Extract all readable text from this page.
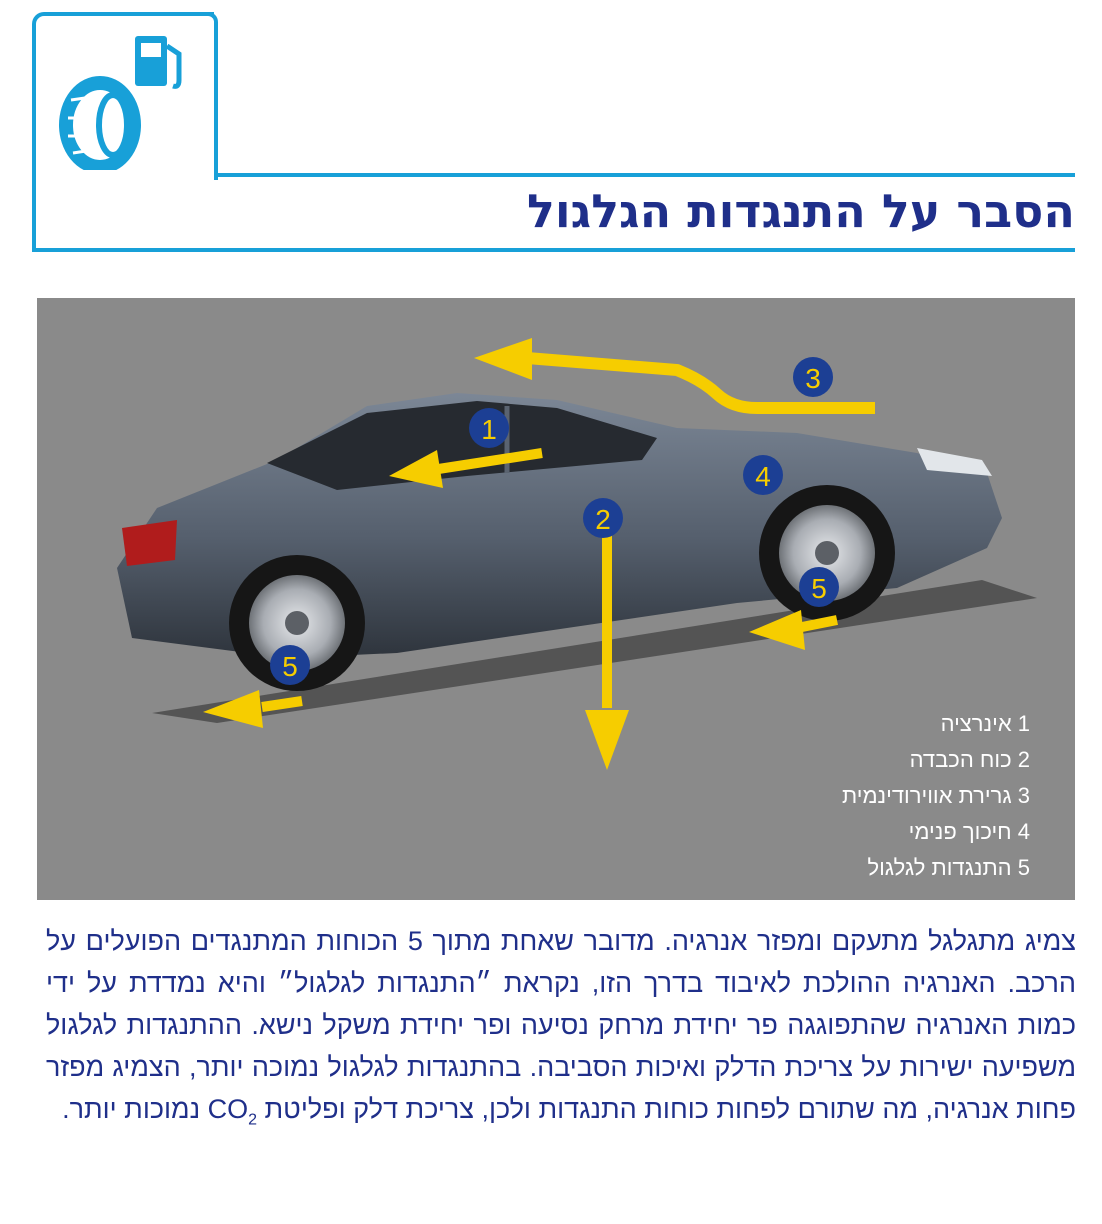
הסבר על התנגדות הגלגול
1
2
3
4
5
5
1 אינרציה
2 כוח הכבדה
3 גרירת אווירודינמית
4 חיכוך פנימי
5 התנגדות לגלגול
צמיג מתגלגל מתעקם ומפזר אנרגיה. מדובר שאחת מתוך 5 הכוחות המתנגדים הפועלים על הרכב. האנרגיה ההולכת לאיבוד בדרך הזו, נקראת ״התנגדות לגלגול״ והיא נמדדת על ידי כמות האנרגיה שהתפוגגה פר יחידת מרחק נסיעה ופר יחידת משקל נישא. ההתנגדות לגלגול משפיעה ישירות על צריכת הדלק ואיכות הסביבה. בהתנגדות לגלגול נמוכה יותר, הצמיג מפזר פחות אנרגיה, מה שתורם לפחות כוחות התנגדות ולכן, צריכת דלק ופליטת $CO_2$ נמוכות יותר.
